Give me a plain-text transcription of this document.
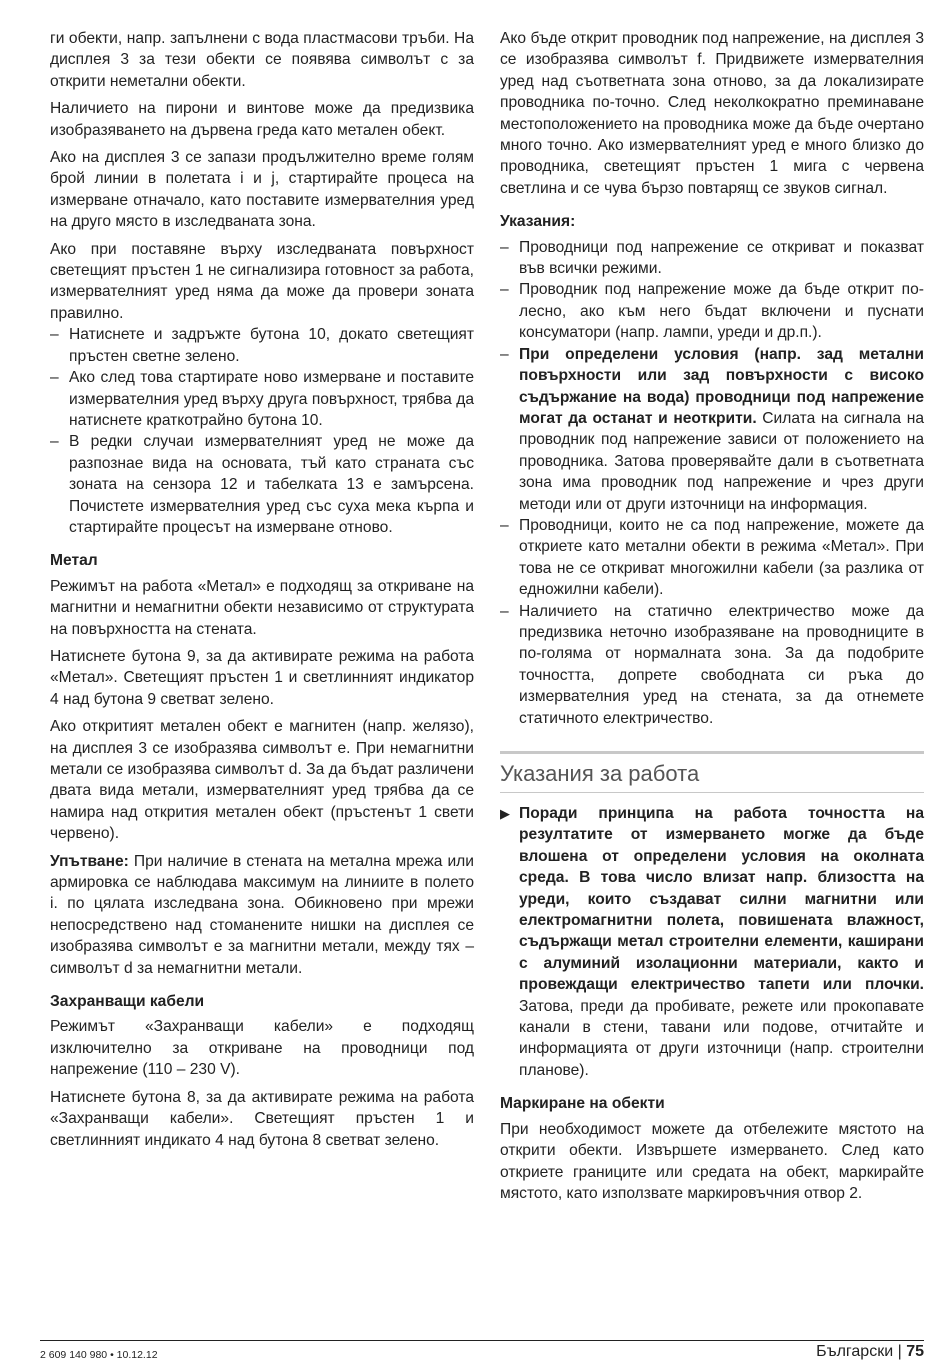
ги обекти, напр. запълнени с вода пластмасови тръби. На дисплея 3 за тези обекти се появява символът c за открити неметални обекти.

Наличието на пирони и винтове може да предизвика изобразяването на дървена греда като метален обект.

Ако на дисплея 3 се запази продължително време голям брой линии в полетата i и j, стартирайте процеса на измерване отначало, като поставите измервателния уред на друго място в изследваната зона.

Ако при поставяне върху изследваната повърхност светещият пръстен 1 не сигнализира готовност за работа, измервателният уред няма да може да провери зоната правилно.

– Натиснете и задръжте бутона 10, докато светещият пръстен светне зелено.
– Ако след това стартирате ново измерване и поставите измервателния уред върху друга повърхност, трябва да натиснете краткотрайно бутона 10.
– В редки случаи измервателният уред не може да разпознае вида на основата, тъй като страната със зоната на сензора 12 и табелката 13 е замърсена. Почистете измервателния уред със суха мека кърпа и стартирайте процесът на измерване отново.
Метал

Режимът на работа «Метал» е подходящ за откриване на магнитни и немагнитни обекти независимо от структурата на повърхността на стената.

Натиснете бутона 9, за да активирате режима на работа «Метал». Светещият пръстен 1 и светлинният индикатор 4 над бутона 9 светват зелено.

Ако откритият метален обект е магнитен (напр. желязо), на дисплея 3 се изобразява символът e. При немагнитни метали се изобразява символът d. За да бъдат различени двата вида метали, измервателният уред трябва да се намира над открития метален обект (пръстенът 1 свети червено).

Упътване: При наличие в стената на метална мрежа или армировка се наблюдава максимум на линиите в полето i. по цялата изследвана зона. Обикновено при мрежи непосредствено над стоманените нишки на дисплея се изобразява символът e за магнитни метали, между тях – символът d за немагнитни метали.

Захранващи кабели

Режимът «Захранващи кабели» е подходящ изключително за откриване на проводници под напрежение (110 – 230 V).

Натиснете бутона 8, за да активирате режима на работа «Захранващи кабели». Светещият пръстен 1 и светлинният индикато 4 над бутона 8 светват зелено.

Ако бъде открит проводник под напрежение, на дисплея 3 се изобразява символът f. Придвижете измервателния уред над съответната зона отново, за да локализирате проводника по-точно. След неколкократно преминаване местоположението на проводника може да бъде очертано много точно. Ако измервателният уред е много близко до проводника, светещият пръстен 1 мига с червена светлина и се чува бързо повтарящ се звуков сигнал.

Указания:
– Проводници под напрежение се откриват и показват във всички режими.
– Проводник под напрежение може да бъде открит по-лесно, ако към него бъдат включени и пуснати консуматори (напр. лампи, уреди и др.п.).
– При определени условия (напр. зад метални повърхности или зад повърхности с високо съдържание на вода) проводници под напрежение могат да останат и неоткрити. Силата на сигнала на проводник под напрежение зависи от положението на проводника. Затова проверявайте дали в съответната зона има проводник под напрежение и чрез други методи или от други източници на информация.
– Проводници, които не са под напрежение, можете да откриете като метални обекти в режима «Метал». При това не се откриват многожилни кабели (за разлика от едножилни кабели).
– Наличието на статично електричество може да предизвика неточно изобразяване на проводниците в по-голяма от нормалната зона. За да подобрите точността, допрете свободната си ръка до измервателния уред на стената, за да отнемете статичното електричество.
Указания за работа
▶ Поради принципа на работа точността на резултатите от измерването могже да бъде влошена от определени условия на околната среда. В това число влизат напр. близостта на уреди, които създават силни магнитни или електромагнитни полета, повишената влажност, съдържащи метал строителни елементи, каширани с алуминий изолационни материали, както и провеждащи електричество тапети или плочки. Затова, преди да пробивате, режете или прокопавате канали в стени, тавани или подове, отчитайте и информацията от други източници (напр. строителни планове).
Маркиране на обекти

При необходимост можете да отбележите мястото на открити обекти. Извършете измерването. След като откриете границите или средата на обект, маркирайте мястото, като използвате маркировъчния отвор 2.

2 609 140 980 • 10.12.12	Български | 75
